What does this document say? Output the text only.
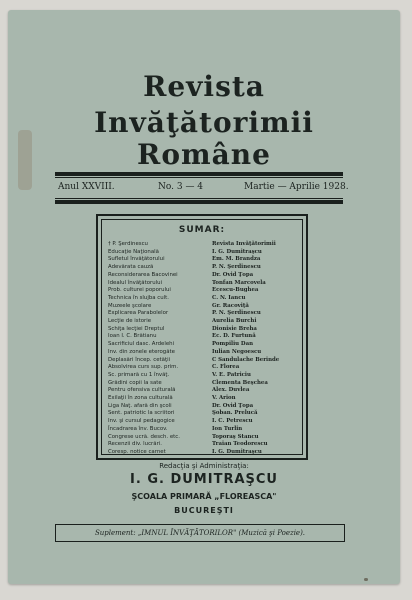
Revista
Invăţătorimii
Române
Anul XXVIII.	No. 3 — 4	Martie — Aprilie 1928.
SUMAR:
† P. Şerdinescu	Revista Invăţătorimii
Educaţie Naţională	I. G. Dumitraşcu
Sufletul învăţătorului	Em. M. Brandza
Adevărata cauză	P. N. Şerdinescu
Reconsiderarea Bacovinei	Dr. Ovid Ţopa
Idealul învăţătorului	Tonfan Marcovela
Prob. culturei poporului	Ecescu-Bughea
Technica în slujba cult.	C. N. Iancu
Muzeele şcolare	Gr. Racoviţă
Explicarea Parabolelor	P. N. Şerdinescu
Lecţie de istorie	Aurelia Burchi
Schiţa lecţiei Dreptul	Dionisie Breha
Ioan I. C. Brătianu	Ec. D. Furtună
Sacrificiul dasc. Ardelehi	Pompiliu Dan
Inv. din zonele eterogăte	Iulian Negoescu
Deplasări încep. cetăţii	C Sandulache Berinde
Absolvirea curs sup. prim.	C. Florea
Sc. primară cu 1 învăţ.	V. E. Patriciu
Grădini copii la sate	Clementa Beşchea
Pentru ofensiva culturală	Alex. Duvlea
Exilaţii în zona culturală	V. Arion
Liga Naţ. afară din şcoli	Dr. Ovid Ţopa
Sent. patriotic la scriitori	Şoban. Prelucă
Inv. şi cursul pedagogice	I. C. Petrescu
Încadrarea înv. Bucov.	Ion Turlin
Congrese ucră. desch. etc.	Toporaş Stancu
Recenzii div. lucrări.	Traian Teodorescu
Coresp. notice carnet	I. G. Dumitraşcu
Redacţia şi Administraţia:
I. G. DUMITRAŞCU
ŞCOALA PRIMARĂ „FLOREASCA"
BUCUREŞTI
Suplement: „IMNUL ÎNVĂŢĂTORILOR" (Muzică şi Poezie).
